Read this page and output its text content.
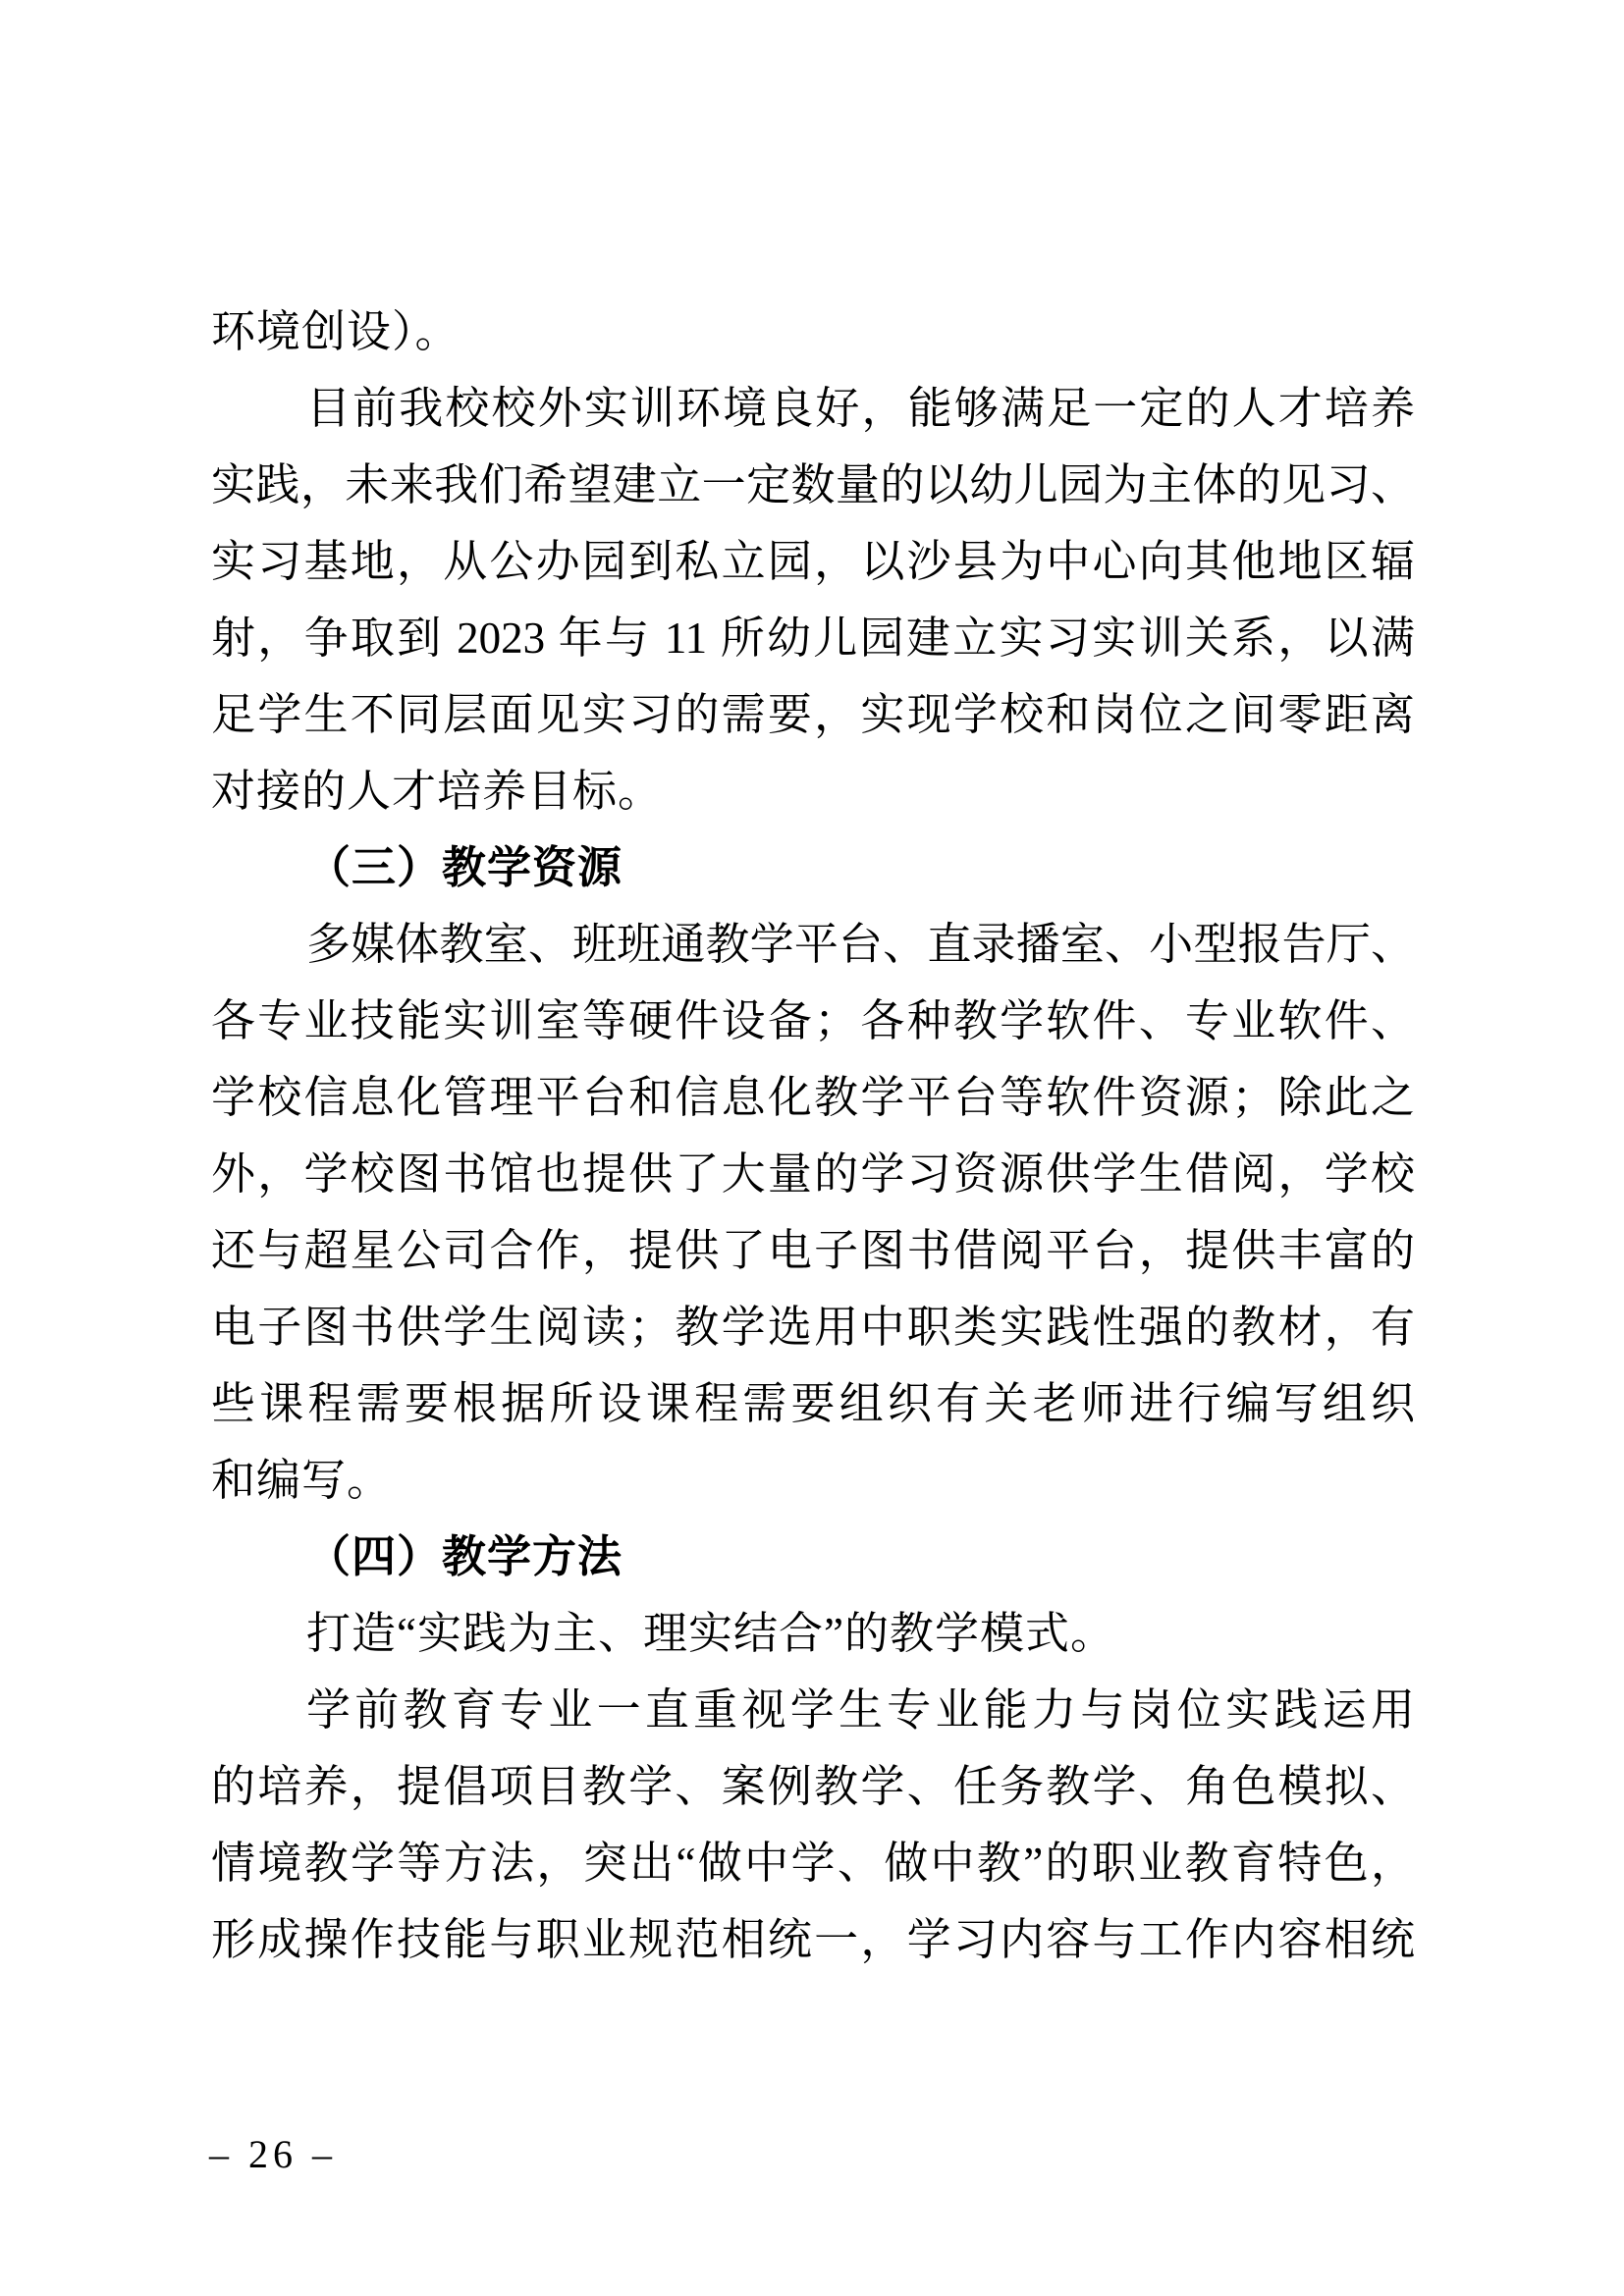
环境创设）。
目前我校校外实训环境良好，能够满足一定的人才培养
实践，未来我们希望建立一定数量的以幼儿园为主体的见习、
实习基地，从公办园到私立园，以沙县为中心向其他地区辐
射，争取到 2023 年与 11 所幼儿园建立实习实训关系，以满
足学生不同层面见实习的需要，实现学校和岗位之间零距离
对接的人才培养目标。
（三）教学资源
多媒体教室、班班通教学平台、直录播室、小型报告厅、
各专业技能实训室等硬件设备；各种教学软件、专业软件、
学校信息化管理平台和信息化教学平台等软件资源；除此之
外，学校图书馆也提供了大量的学习资源供学生借阅，学校
还与超星公司合作，提供了电子图书借阅平台，提供丰富的
电子图书供学生阅读；教学选用中职类实践性强的教材，有
些课程需要根据所设课程需要组织有关老师进行编写组织
和编写。
（四）教学方法
打造“实践为主、理实结合”的教学模式。
学前教育专业一直重视学生专业能力与岗位实践运用
的培养，提倡项目教学、案例教学、任务教学、角色模拟、
情境教学等方法，突出“做中学、做中教”的职业教育特色，
形成操作技能与职业规范相统一，学习内容与工作内容相统
– 26 –
